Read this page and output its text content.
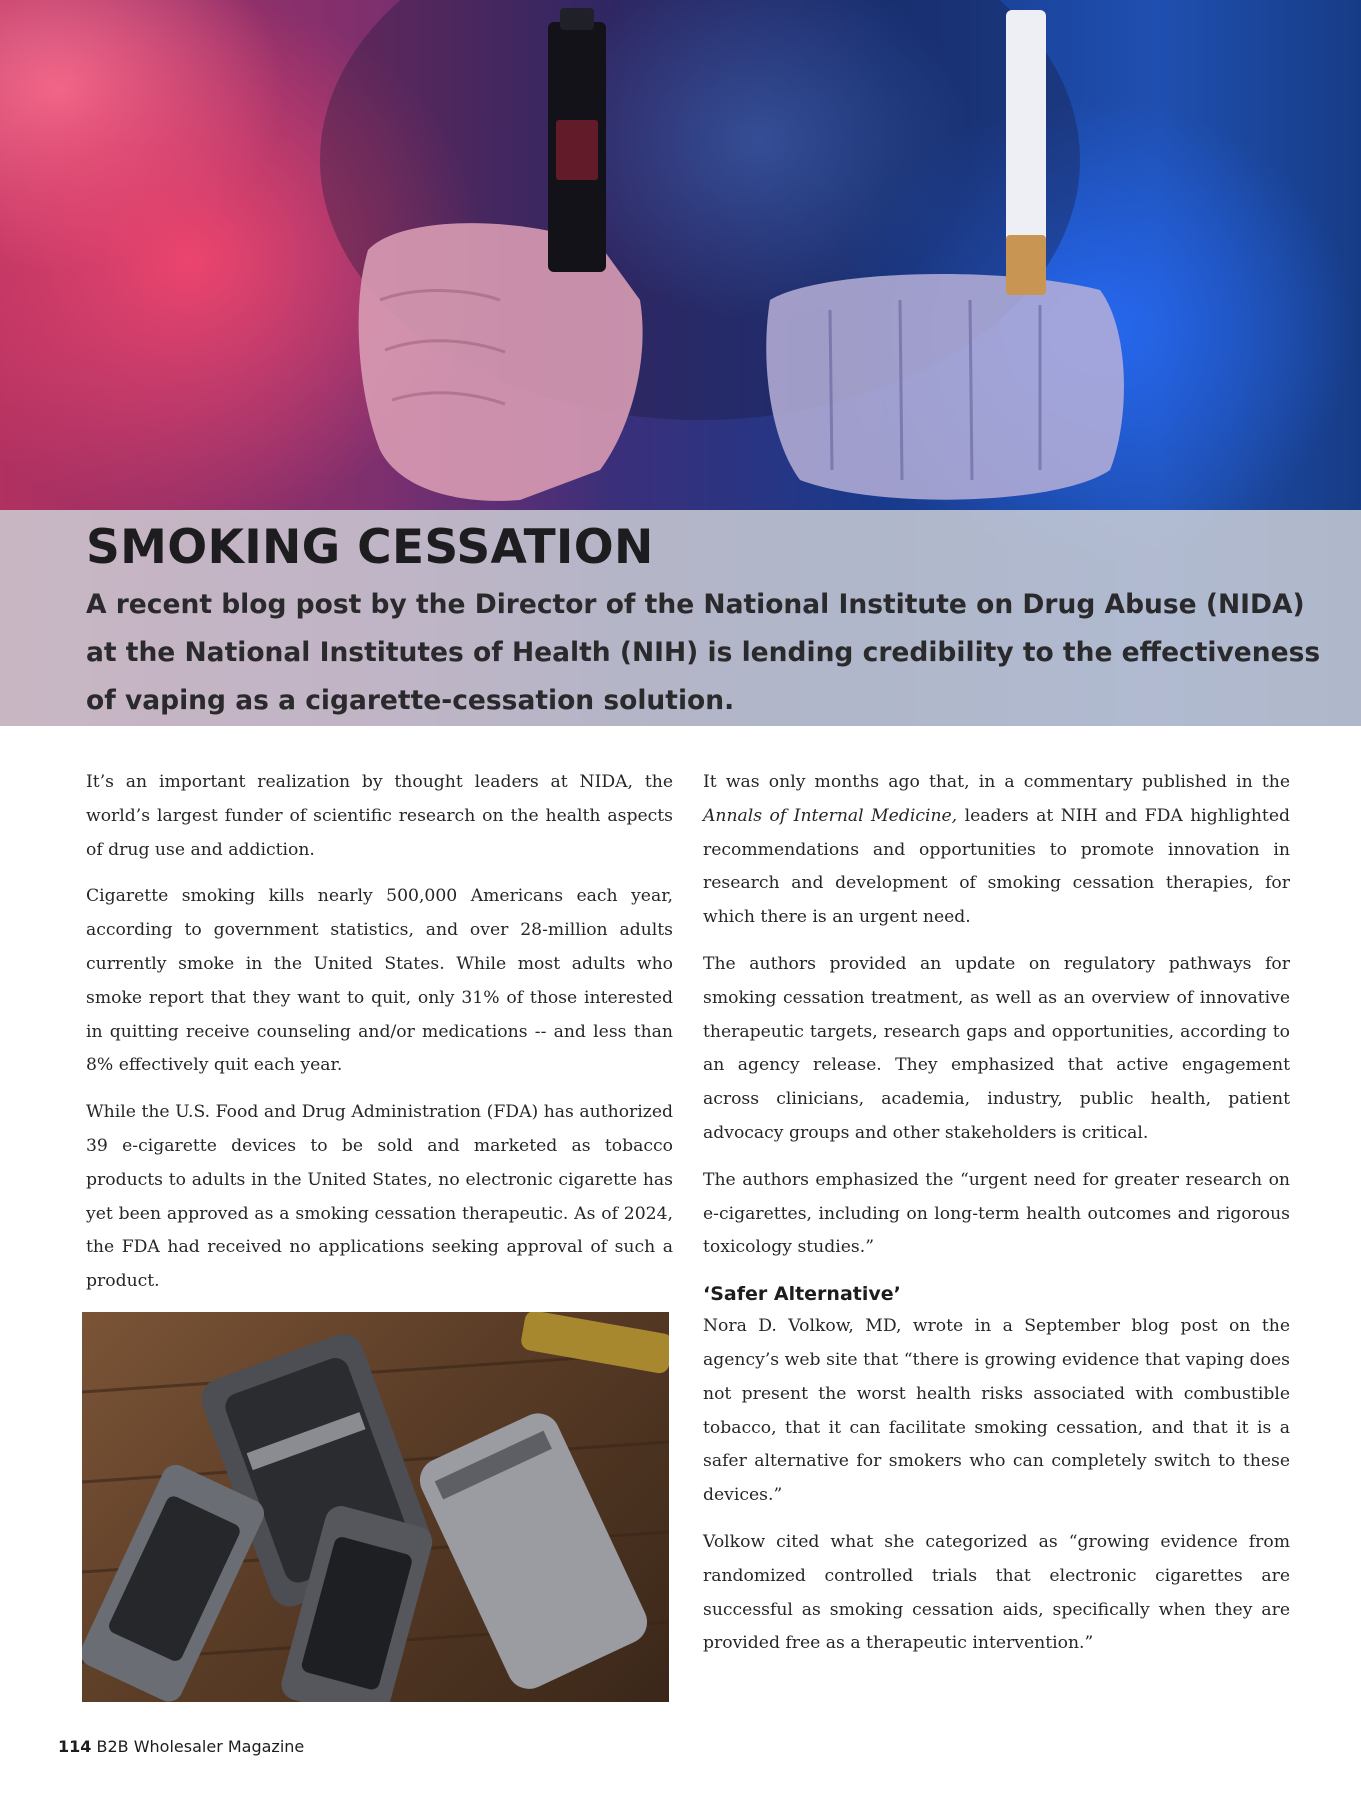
SMOKING CESSATION

A recent blog post by the Director of the National Institute on Drug Abuse (NIDA) at the National Institutes of Health (NIH) is lending credibility to the effectiveness of vaping as a cigarette-cessation solution.

It’s an important realization by thought leaders at NIDA, the world’s largest funder of scientific research on the health aspects of drug use and addiction.

Cigarette smoking kills nearly 500,000 Americans each year, according to government statistics, and over 28-million adults currently smoke in the United States. While most adults who smoke report that they want to quit, only 31% of those interested in quitting receive counseling and/or medications -- and less than 8% effectively quit each year.

While the U.S. Food and Drug Administration (FDA) has authorized 39 e-cigarette devices to be sold and marketed as tobacco products to adults in the United States, no electronic cigarette has yet been approved as a smoking cessation therapeutic. As of 2024, the FDA had received no applications seeking approval of such a product.

It was only months ago that, in a commentary published in the Annals of Internal Medicine, leaders at NIH and FDA highlighted recommendations and opportunities to promote innovation in research and development of smoking cessation therapies, for which there is an urgent need.

The authors provided an update on regulatory pathways for smoking cessation treatment, as well as an overview of innovative therapeutic targets, research gaps and opportunities, according to an agency release. They emphasized that active engagement across clinicians, academia, industry, public health, patient advocacy groups and other stakeholders is critical.

The authors emphasized the “urgent need for greater research on e-cigarettes, including on long-term health outcomes and rigorous toxicology studies.”

‘Safer Alternative’

Nora D. Volkow, MD, wrote in a September blog post on the agency’s web site that “there is growing evidence that vaping does not present the worst health risks associated with combustible tobacco, that it can facilitate smoking cessation, and that it is a safer alternative for smokers who can completely switch to these devices.”

Volkow cited what she categorized as “growing evidence from randomized controlled trials that electronic cigarettes are successful as smoking cessation aids, specifically when they are provided free as a therapeutic intervention.”

114 B2B Wholesaler Magazine
